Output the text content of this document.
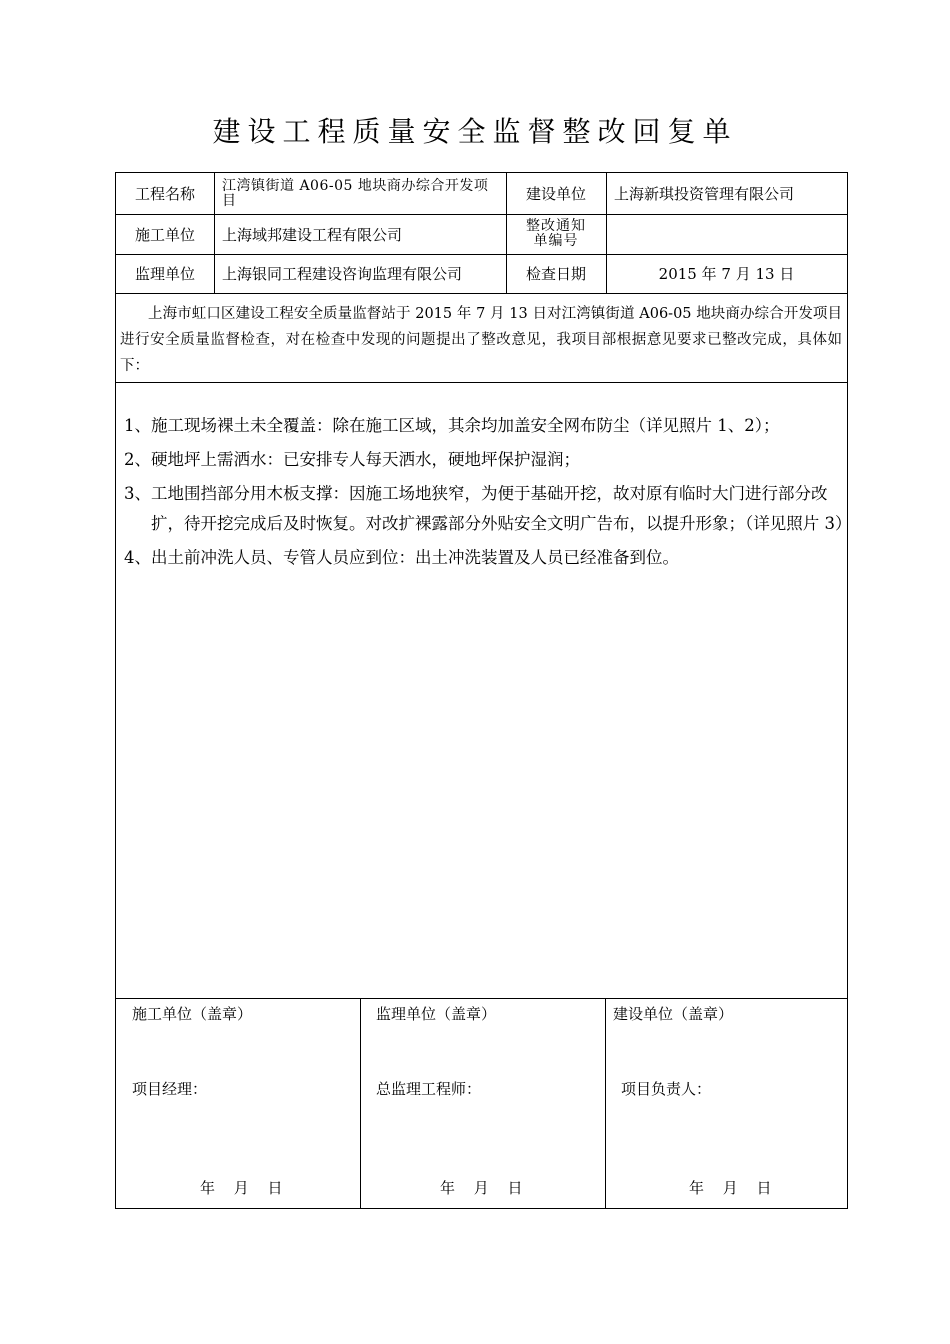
建设工程质量安全监督整改回复单
工程名称	江湾镇街道 A06-05 地块商办综合开发项目	建设单位	上海新琪投资管理有限公司
施工单位	上海域邦建设工程有限公司	整改通知单编号
监理单位	上海银同工程建设咨询监理有限公司	检查日期	2015 年 7 月 13 日
上海市虹口区建设工程安全质量监督站于 2015 年 7 月 13 日对江湾镇街道 A06-05 地块商办综合开发项目进行安全质量监督检查，对在检查中发现的问题提出了整改意见，我项目部根据意见要求已整改完成，具体如下：
1、 施工现场裸土未全覆盖：除在施工区域，其余均加盖安全网布防尘（详见照片 1、2）；
2、 硬地坪上需洒水：已安排专人每天洒水，硬地坪保护湿润；
3、 工地围挡部分用木板支撑：因施工场地狭窄，为便于基础开挖，故对原有临时大门进行部分改扩，待开挖完成后及时恢复。对改扩裸露部分外贴安全文明广告布，以提升形象；（详见照片 3）
4、 出土前冲洗人员、专管人员应到位：出土冲洗装置及人员已经准备到位。
施工单位（盖章）
项目经理：
年 月 日
监理单位（盖章）
总监理工程师：
年 月 日
建设单位（盖章）
项目负责人：
年 月 日
